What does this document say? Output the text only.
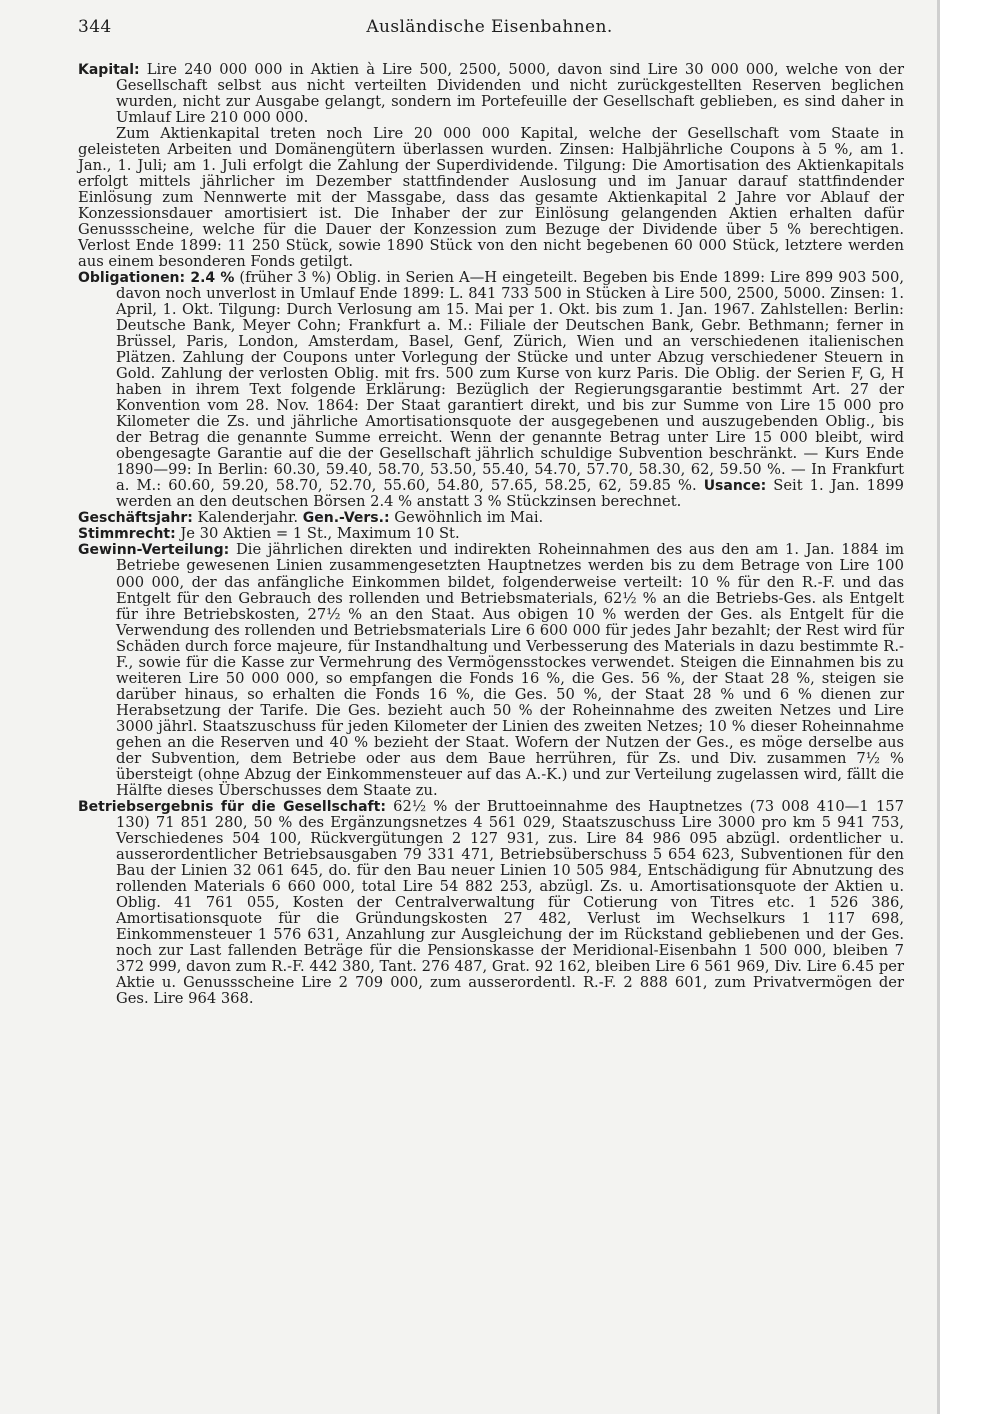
344	Ausländische Eisenbahnen.

Kapital: Lire 240 000 000 in Aktien à Lire 500, 2500, 5000, davon sind Lire 30 000 000, welche von der Gesellschaft selbst aus nicht verteilten Dividenden und nicht zurückgestellten Reserven beglichen wurden, nicht zur Ausgabe gelangt, sondern im Portefeuille der Gesellschaft geblieben, es sind daher in Umlauf Lire 210 000 000.

Zum Aktienkapital treten noch Lire 20 000 000 Kapital, welche der Gesellschaft vom Staate in geleisteten Arbeiten und Domänengütern überlassen wurden. Zinsen: Halbjährliche Coupons à 5 %, am 1. Jan., 1. Juli; am 1. Juli erfolgt die Zahlung der Superdividende. Tilgung: Die Amortisation des Aktienkapitals erfolgt mittels jährlicher im Dezember stattfindender Auslosung und im Januar darauf stattfindender Einlösung zum Nennwerte mit der Massgabe, dass das gesamte Aktienkapital 2 Jahre vor Ablauf der Konzessionsdauer amortisiert ist. Die Inhaber der zur Einlösung gelangenden Aktien erhalten dafür Genussscheine, welche für die Dauer der Konzession zum Bezuge der Dividende über 5 % berechtigen. Verlost Ende 1899: 11 250 Stück, sowie 1890 Stück von den nicht begebenen 60 000 Stück, letztere werden aus einem besonderen Fonds getilgt.

Obligationen: 2.4 % (früher 3 %) Oblig. in Serien A—H eingeteilt. Begeben bis Ende 1899: Lire 899 903 500, davon noch unverlost in Umlauf Ende 1899: L. 841 733 500 in Stücken à Lire 500, 2500, 5000. Zinsen: 1. April, 1. Okt. Tilgung: Durch Verlosung am 15. Mai per 1. Okt. bis zum 1. Jan. 1967. Zahlstellen: Berlin: Deutsche Bank, Meyer Cohn; Frankfurt a. M.: Filiale der Deutschen Bank, Gebr. Bethmann; ferner in Brüssel, Paris, London, Amsterdam, Basel, Genf, Zürich, Wien und an verschiedenen italienischen Plätzen. Zahlung der Coupons unter Vorlegung der Stücke und unter Abzug verschiedener Steuern in Gold. Zahlung der verlosten Oblig. mit frs. 500 zum Kurse von kurz Paris. Die Oblig. der Serien F, G, H haben in ihrem Text folgende Erklärung: Bezüglich der Regierungsgarantie bestimmt Art. 27 der Konvention vom 28. Nov. 1864: Der Staat garantiert direkt, und bis zur Summe von Lire 15 000 pro Kilometer die Zs. und jährliche Amortisationsquote der ausgegebenen und auszugebenden Oblig., bis der Betrag die genannte Summe erreicht. Wenn der genannte Betrag unter Lire 15 000 bleibt, wird obengesagte Garantie auf die der Gesellschaft jährlich schuldige Subvention beschränkt. — Kurs Ende 1890—99: In Berlin: 60.30, 59.40, 58.70, 53.50, 55.40, 54.70, 57.70, 58.30, 62, 59.50 %. — In Frankfurt a. M.: 60.60, 59.20, 58.70, 52.70, 55.60, 54.80, 57.65, 58.25, 62, 59.85 %. Usance: Seit 1. Jan. 1899 werden an den deutschen Börsen 2.4 % anstatt 3 % Stückzinsen berechnet.

Geschäftsjahr: Kalenderjahr. Gen.-Vers.: Gewöhnlich im Mai.

Stimmrecht: Je 30 Aktien = 1 St., Maximum 10 St.

Gewinn-Verteilung: Die jährlichen direkten und indirekten Roheinnahmen des aus den am 1. Jan. 1884 im Betriebe gewesenen Linien zusammengesetzten Hauptnetzes werden bis zu dem Betrage von Lire 100 000 000, der das anfängliche Einkommen bildet, folgenderweise verteilt: 10 % für den R.-F. und das Entgelt für den Gebrauch des rollenden und Betriebsmaterials, 62½ % an die Betriebs-Ges. als Entgelt für ihre Betriebskosten, 27½ % an den Staat. Aus obigen 10 % werden der Ges. als Entgelt für die Verwendung des rollenden und Betriebsmaterials Lire 6 600 000 für jedes Jahr bezahlt; der Rest wird für Schäden durch force majeure, für Instandhaltung und Verbesserung des Materials in dazu bestimmte R.-F., sowie für die Kasse zur Vermehrung des Vermögensstockes verwendet. Steigen die Einnahmen bis zu weiteren Lire 50 000 000, so empfangen die Fonds 16 %, die Ges. 56 %, der Staat 28 %, steigen sie darüber hinaus, so erhalten die Fonds 16 %, die Ges. 50 %, der Staat 28 % und 6 % dienen zur Herabsetzung der Tarife. Die Ges. bezieht auch 50 % der Roheinnahme des zweiten Netzes und Lire 3000 jährl. Staatszuschuss für jeden Kilometer der Linien des zweiten Netzes; 10 % dieser Roheinnahme gehen an die Reserven und 40 % bezieht der Staat. Wofern der Nutzen der Ges., es möge derselbe aus der Subvention, dem Betriebe oder aus dem Baue herrühren, für Zs. und Div. zusammen 7½ % übersteigt (ohne Abzug der Einkommensteuer auf das A.-K.) und zur Verteilung zugelassen wird, fällt die Hälfte dieses Überschusses dem Staate zu.

Betriebsergebnis für die Gesellschaft: 62½ % der Bruttoeinnahme des Hauptnetzes (73 008 410—1 157 130) 71 851 280, 50 % des Ergänzungsnetzes 4 561 029, Staatszuschuss Lire 3000 pro km 5 941 753, Verschiedenes 504 100, Rückvergütungen 2 127 931, zus. Lire 84 986 095 abzügl. ordentlicher u. ausserordentlicher Betriebsausgaben 79 331 471, Betriebsüberschuss 5 654 623, Subventionen für den Bau der Linien 32 061 645, do. für den Bau neuer Linien 10 505 984, Entschädigung für Abnutzung des rollenden Materials 6 660 000, total Lire 54 882 253, abzügl. Zs. u. Amortisationsquote der Aktien u. Oblig. 41 761 055, Kosten der Centralverwaltung für Cotierung von Titres etc. 1 526 386, Amortisationsquote für die Gründungskosten 27 482, Verlust im Wechselkurs 1 117 698, Einkommensteuer 1 576 631, Anzahlung zur Ausgleichung der im Rückstand gebliebenen und der Ges. noch zur Last fallenden Beträge für die Pensionskasse der Meridional-Eisenbahn 1 500 000, bleiben 7 372 999, davon zum R.-F. 442 380, Tant. 276 487, Grat. 92 162, bleiben Lire 6 561 969, Div. Lire 6.45 per Aktie u. Genussscheine Lire 2 709 000, zum ausserordentl. R.-F. 2 888 601, zum Privatvermögen der Ges. Lire 964 368.
